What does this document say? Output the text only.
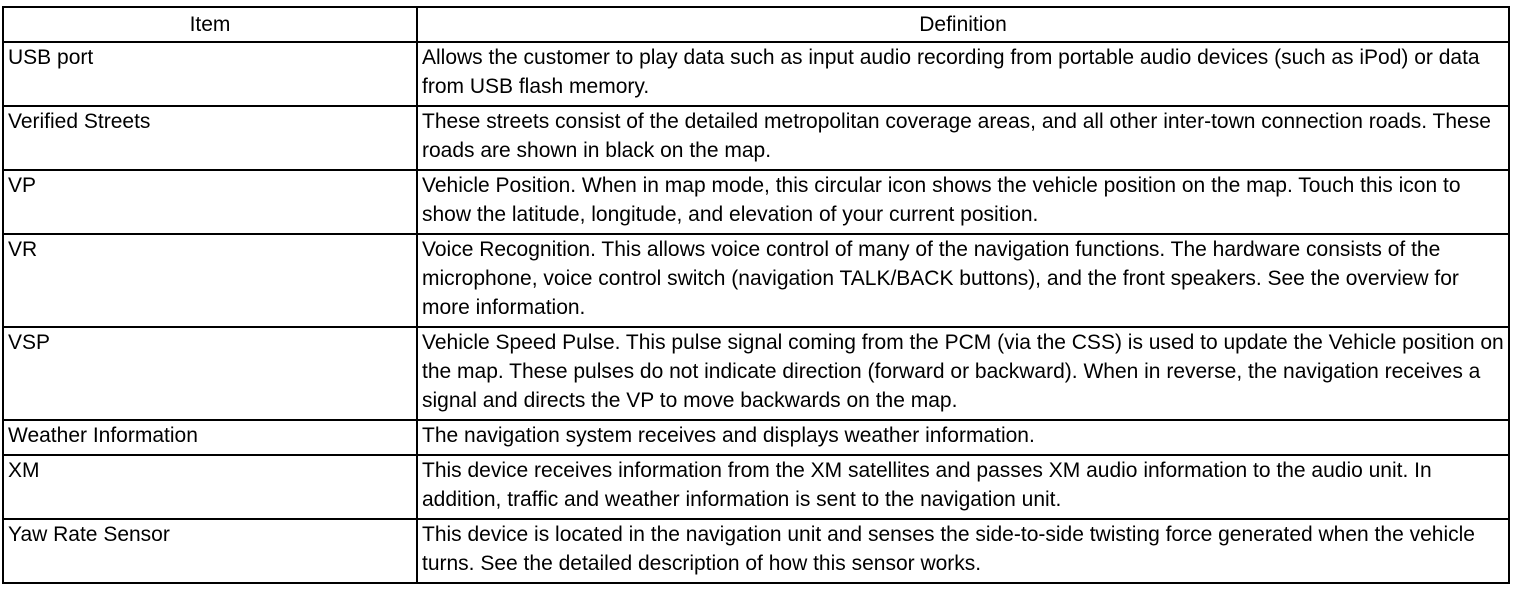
Item	Definition
USB port	Allows the customer to play data such as input audio recording from portable audio devices (such as iPod) or data from USB flash memory.
Verified Streets	These streets consist of the detailed metropolitan coverage areas, and all other inter-town connection roads. These roads are shown in black on the map.
VP	Vehicle Position. When in map mode, this circular icon shows the vehicle position on the map. Touch this icon to show the latitude, longitude, and elevation of your current position.
VR	Voice Recognition. This allows voice control of many of the navigation functions. The hardware consists of the microphone, voice control switch (navigation TALK/BACK buttons), and the front speakers. See the overview for more information.
VSP	Vehicle Speed Pulse. This pulse signal coming from the PCM (via the CSS) is used to update the Vehicle position on the map. These pulses do not indicate direction (forward or backward). When in reverse, the navigation receives a signal and directs the VP to move backwards on the map.
Weather Information	The navigation system receives and displays weather information.
XM	This device receives information from the XM satellites and passes XM audio information to the audio unit. In addition, traffic and weather information is sent to the navigation unit.
Yaw Rate Sensor	This device is located in the navigation unit and senses the side-to-side twisting force generated when the vehicle turns. See the detailed description of how this sensor works.
